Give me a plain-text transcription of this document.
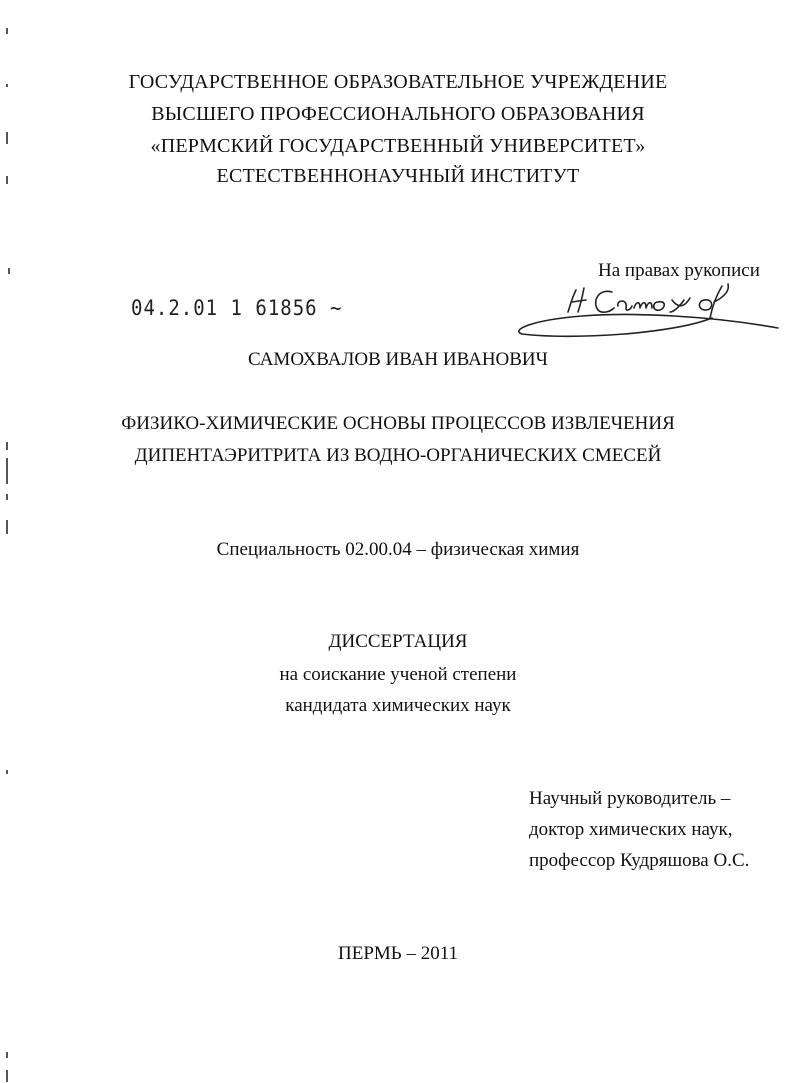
ГОСУДАРСТВЕННОЕ ОБРАЗОВАТЕЛЬНОЕ УЧРЕЖДЕНИЕ
ВЫСШЕГО ПРОФЕССИОНАЛЬНОГО ОБРАЗОВАНИЯ
«ПЕРМСКИЙ ГОСУДАРСТВЕННЫЙ УНИВЕРСИТЕТ»
ЕСТЕСТВЕННОНАУЧНЫЙ ИНСТИТУТ
На правах рукописи
04.2.01 1 61856 ~
САМОХВАЛОВ ИВАН ИВАНОВИЧ
ФИЗИКО-ХИМИЧЕСКИЕ ОСНОВЫ ПРОЦЕССОВ ИЗВЛЕЧЕНИЯ
ДИПЕНТАЭРИТРИТА ИЗ ВОДНО-ОРГАНИЧЕСКИХ СМЕСЕЙ
Специальность 02.00.04 – физическая химия
ДИССЕРТАЦИЯ
на соискание ученой степени
кандидата химических наук
Научный руководитель –
доктор химических наук,
профессор Кудряшова О.С.
ПЕРМЬ – 2011
